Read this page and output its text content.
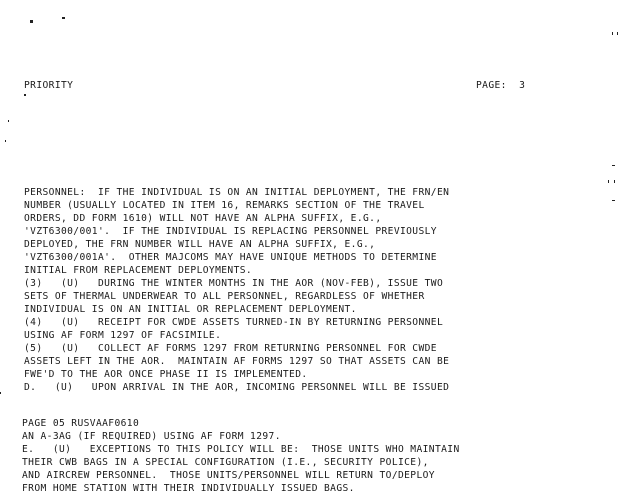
PRIORITY	PAGE:  3
PERSONNEL:  IF THE INDIVIDUAL IS ON AN INITIAL DEPLOYMENT, THE FRN/EN
NUMBER (USUALLY LOCATED IN ITEM 16, REMARKS SECTION OF THE TRAVEL
ORDERS, DD FORM 1610) WILL NOT HAVE AN ALPHA SUFFIX, E.G.,
'VZT6300/001'.  IF THE INDIVIDUAL IS REPLACING PERSONNEL PREVIOUSLY
DEPLOYED, THE FRN NUMBER WILL HAVE AN ALPHA SUFFIX, E.G.,
'VZT6300/001A'.  OTHER MAJCOMS MAY HAVE UNIQUE METHODS TO DETERMINE
INITIAL FROM REPLACEMENT DEPLOYMENTS.
(3)   (U)   DURING THE WINTER MONTHS IN THE AOR (NOV-FEB), ISSUE TWO
SETS OF THERMAL UNDERWEAR TO ALL PERSONNEL, REGARDLESS OF WHETHER
INDIVIDUAL IS ON AN INITIAL OR REPLACEMENT DEPLOYMENT.
(4)   (U)   RECEIPT FOR CWDE ASSETS TURNED-IN BY RETURNING PERSONNEL
USING AF FORM 1297 OF FACSIMILE.
(5)   (U)   COLLECT AF FORMS 1297 FROM RETURNING PERSONNEL FOR CWDE
ASSETS LEFT IN THE AOR.  MAINTAIN AF FORMS 1297 SO THAT ASSETS CAN BE
FWE'D TO THE AOR ONCE PHASE II IS IMPLEMENTED.
D.   (U)   UPON ARRIVAL IN THE AOR, INCOMING PERSONNEL WILL BE ISSUED
PAGE 05 RUSVAAF0610
AN A-3AG (IF REQUIRED) USING AF FORM 1297.
E.   (U)   EXCEPTIONS TO THIS POLICY WILL BE:  THOSE UNITS WHO MAINTAIN
THEIR CWB BAGS IN A SPECIAL CONFIGURATION (I.E., SECURITY POLICE),
AND AIRCREW PERSONNEL.  THOSE UNITS/PERSONNEL WILL RETURN TO/DEPLOY
FROM HOME STATION WITH THEIR INDIVIDUALLY ISSUED BAGS.
